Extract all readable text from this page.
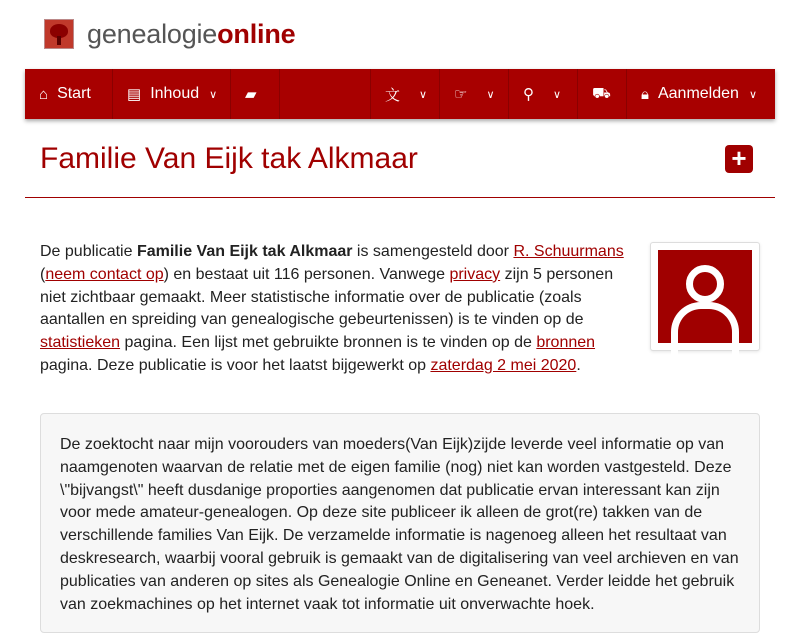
genealogieonline
⌂ Start ▤ Inhoud ∨ ▰	文 ∨ ☞ ∨ ⚲ ∨ ⛟ 🔒︎ Aanmelden ∨
Familie Van Eijk tak Alkmaar	+

De publicatie Familie Van Eijk tak Alkmaar is samengesteld door R. Schuurmans (neem contact op) en bestaat uit 116 personen. Vanwege privacy zijn 5 personen niet zichtbaar gemaakt. Meer statistische informatie over de publicatie (zoals aantallen en spreiding van genealogische gebeurtenissen) is te vinden op de statistieken pagina. Een lijst met gebruikte bronnen is te vinden op de bronnen pagina. Deze publicatie is voor het laatst bijgewerkt op zaterdag 2 mei 2020.

De zoektocht naar mijn voorouders van moeders(Van Eijk)zijde leverde veel informatie op van naamgenoten waarvan de relatie met de eigen familie (nog) niet kan worden vastgesteld. Deze \"bijvangst\" heeft dusdanige proporties aangenomen dat publicatie ervan interessant kan zijn voor mede amateur-genealogen. Op deze site publiceer ik alleen de grot(re) takken van de verschillende families Van Eijk. De verzamelde informatie is nagenoeg alleen het resultaat van deskresearch, waarbij vooral gebruik is gemaakt van de digitalisering van veel archieven en van publicaties van anderen op sites als Genealogie Online en Geneanet. Verder leidde het gebruik van zoekmachines op het internet vaak tot informatie uit onverwachte hoek.
